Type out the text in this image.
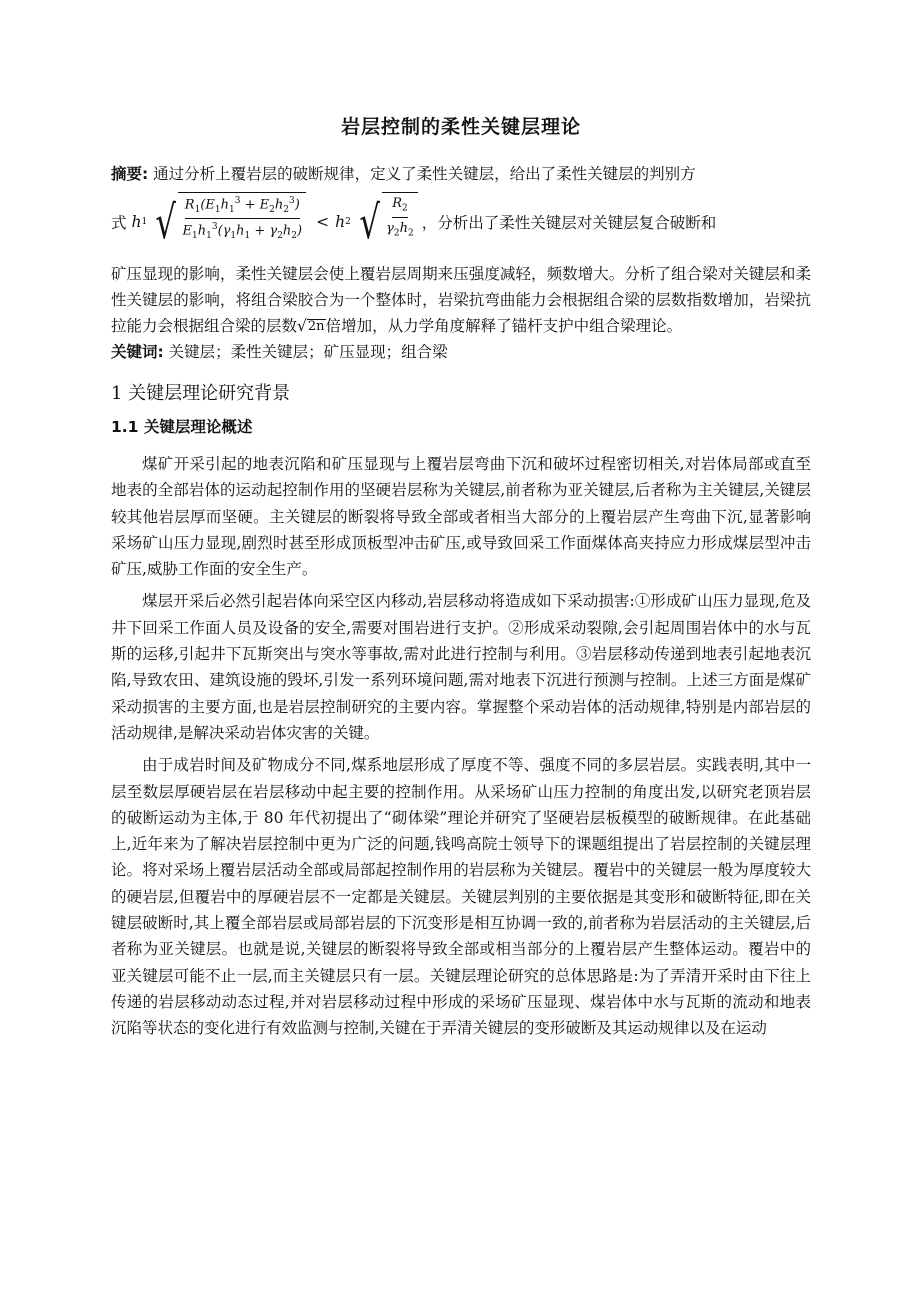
岩层控制的柔性关键层理论

摘要: 通过分析上覆岩层的破断规律，定义了柔性关键层，给出了柔性关键层的判别方

式 h 1 √ $\frac{R_1(E_1h_1^3 + E_2h_2^3)}{E_1h_1^3(\gamma_1h_1 + \gamma_2h_2)} < h$ 2 √ $\frac{R_2}{\gamma_2h_2}$ ，分析出了柔性关键层对关键层复合破断和

矿压显现的影响，柔性关键层会使上覆岩层周期来压强度减轻，频数增大。分析了组合梁对关键层和柔性关键层的影响，将组合梁胶合为一个整体时，岩梁抗弯曲能力会根据组合梁的层数指数增加，岩梁抗拉能力会根据组合梁的层数√ 2n 倍增加，从力学角度解释了锚杆支护中组合梁理论。

关键词: 关键层；柔性关键层；矿压显现；组合梁

1 关键层理论研究背景
1.1 关键层理论概述

煤矿开采引起的地表沉陷和矿压显现与上覆岩层弯曲下沉和破坏过程密切相关,对岩体局部或直至地表的全部岩体的运动起控制作用的坚硬岩层称为关键层,前者称为亚关键层,后者称为主关键层,关键层较其他岩层厚而坚硬。主关键层的断裂将导致全部或者相当大部分的上覆岩层产生弯曲下沉,显著影响采场矿山压力显现,剧烈时甚至形成顶板型冲击矿压,或导致回采工作面煤体高夹持应力形成煤层型冲击矿压,威胁工作面的安全生产。

煤层开采后必然引起岩体向采空区内移动,岩层移动将造成如下采动损害:①形成矿山压力显现,危及井下回采工作面人员及设备的安全,需要对围岩进行支护。②形成采动裂隙,会引起周围岩体中的水与瓦斯的运移,引起井下瓦斯突出与突水等事故,需对此进行控制与利用。③岩层移动传递到地表引起地表沉陷,导致农田、建筑设施的毁坏,引发一系列环境问题,需对地表下沉进行预测与控制。上述三方面是煤矿采动损害的主要方面,也是岩层控制研究的主要内容。掌握整个采动岩体的活动规律,特别是内部岩层的活动规律,是解决采动岩体灾害的关键。

由于成岩时间及矿物成分不同,煤系地层形成了厚度不等、强度不同的多层岩层。实践表明,其中一层至数层厚硬岩层在岩层移动中起主要的控制作用。从采场矿山压力控制的角度出发,以研究老顶岩层的破断运动为主体,于 80 年代初提出了“砌体梁”理论并研究了坚硬岩层板模型的破断规律。在此基础上,近年来为了解决岩层控制中更为广泛的问题,钱鸣高院士领导下的课题组提出了岩层控制的关键层理论。将对采场上覆岩层活动全部或局部起控制作用的岩层称为关键层。覆岩中的关键层一般为厚度较大的硬岩层,但覆岩中的厚硬岩层不一定都是关键层。关键层判别的主要依据是其变形和破断特征,即在关键层破断时,其上覆全部岩层或局部岩层的下沉变形是相互协调一致的,前者称为岩层活动的主关键层,后者称为亚关键层。也就是说,关键层的断裂将导致全部或相当部分的上覆岩层产生整体运动。覆岩中的亚关键层可能不止一层,而主关键层只有一层。关键层理论研究的总体思路是:为了弄清开采时由下往上传递的岩层移动动态过程,并对岩层移动过程中形成的采场矿压显现、煤岩体中水与瓦斯的流动和地表沉陷等状态的变化进行有效监测与控制,关键在于弄清关键层的变形破断及其运动规律以及在运动
